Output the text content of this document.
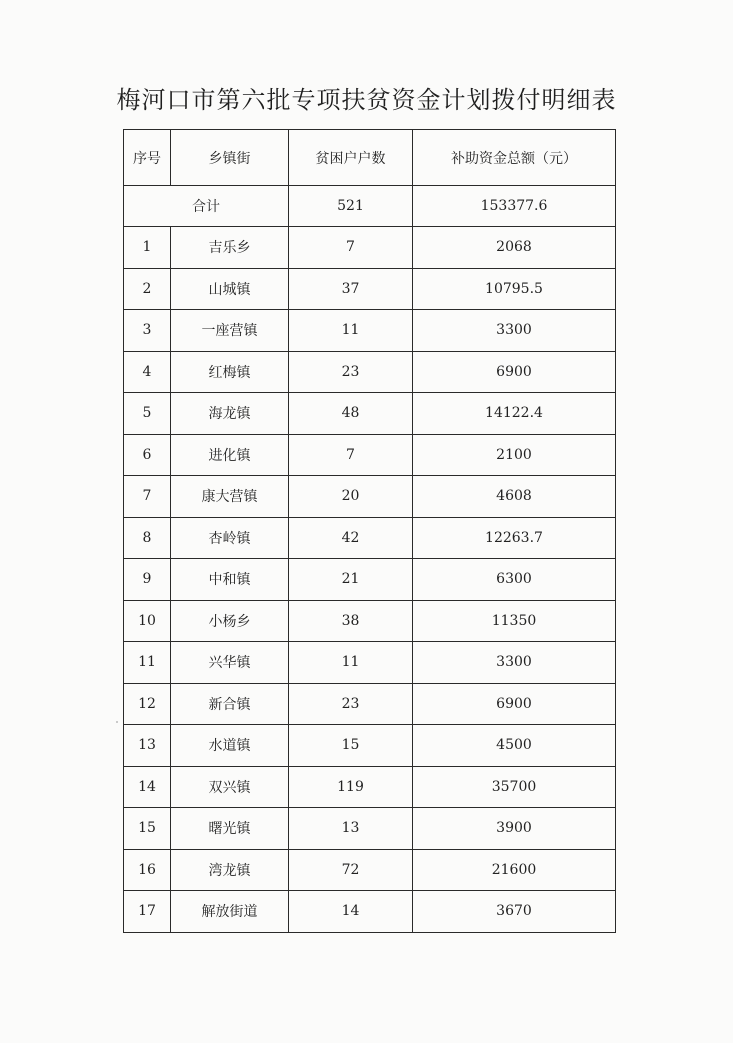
梅河口市第六批专项扶贫资金计划拨付明细表
序号	乡镇街	贫困户户数	补助资金总额（元）
合计		521	153377.6
1	吉乐乡	7	2068
2	山城镇	37	10795.5
3	一座营镇	11	3300
4	红梅镇	23	6900
5	海龙镇	48	14122.4
6	进化镇	7	2100
7	康大营镇	20	4608
8	杏岭镇	42	12263.7
9	中和镇	21	6300
10	小杨乡	38	11350
11	兴华镇	11	3300
12	新合镇	23	6900
13	水道镇	15	4500
14	双兴镇	119	35700
15	曙光镇	13	3900
16	湾龙镇	72	21600
17	解放街道	14	3670
